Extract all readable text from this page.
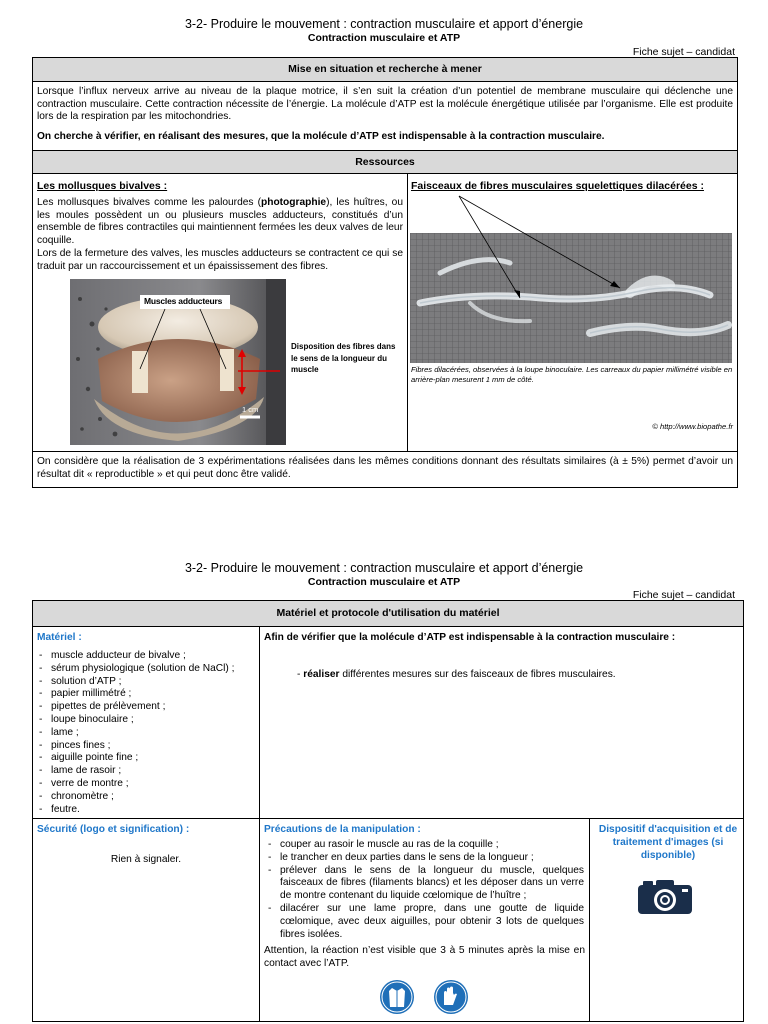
3-2- Produire le mouvement : contraction musculaire et apport d’énergie
Contraction musculaire et ATP
Fiche sujet – candidat
Mise en situation et recherche à mener
Lorsque l’influx nerveux arrive au niveau de la plaque motrice, il s’en suit la création d’un potentiel de membrane musculaire qui déclenche une contraction musculaire. Cette contraction nécessite de l’énergie. La molécule d’ATP est la molécule énergétique utilisée par l’organisme. Elle est produite lors de la respiration par les mitochondries.
On cherche à vérifier, en réalisant des mesures, que la molécule d’ATP est indispensable à la contraction musculaire.
Ressources
Les mollusques bivalves :
Les mollusques bivalves comme les palourdes (photographie), les huîtres, ou les moules possèdent un ou plusieurs muscles adducteurs, constitués d’un ensemble de fibres contractiles qui maintiennent fermées les deux valves de leur coquille.
Lors de la fermeture des valves, les muscles adducteurs se contractent ce qui se traduit par un raccourcissement et un épaississement des fibres.
Muscles adducteurs
1 cm
Disposition des fibres dans le sens de la longueur du muscle
Faisceaux de fibres musculaires squelettiques dilacérées :
Fibres dilacérées, observées à la loupe binoculaire. Les carreaux du papier millimétré visible en arrière-plan mesurent 1 mm de côté.
© http://www.biopathe.fr
On considère que la réalisation de 3 expérimentations réalisées dans les mêmes conditions donnant des résultats similaires (à ± 5%) permet d’avoir un résultat dit « reproductible » et qui peut donc être validé.
3-2- Produire le mouvement : contraction musculaire et apport d’énergie
Contraction musculaire et ATP
Fiche sujet – candidat
Matériel et protocole d'utilisation du matériel
Matériel :
- muscle adducteur de bivalve ;
- sérum physiologique (solution de NaCl) ;
- solution d’ATP ;
- papier millimétré ;
- pipettes de prélèvement ;
- loupe binoculaire ;
- lame ;
- pinces fines ;
- aiguille pointe fine ;
- lame de rasoir ;
- verre de montre ;
- chronomètre ;
- feutre.
Afin de vérifier que la molécule d’ATP est indispensable à la contraction musculaire :
- réaliser différentes mesures sur des faisceaux de fibres musculaires.
Sécurité (logo et signification) :
Rien à signaler.
Précautions de la manipulation :
- couper au rasoir le muscle au ras de la coquille ;
- le trancher en deux parties dans le sens de la longueur ;
- prélever dans le sens de la longueur du muscle, quelques faisceaux de fibres (filaments blancs) et les déposer dans un verre de montre contenant du liquide cœlomique de l’huître ;
- dilacérer sur une lame propre, dans une goutte de liquide cœlomique, avec deux aiguilles, pour obtenir 3 lots de quelques fibres isolées.
Attention, la réaction n’est visible que 3 à 5 minutes après la mise en contact avec l’ATP.
Dispositif d'acquisition et de traitement d'images (si disponible)
